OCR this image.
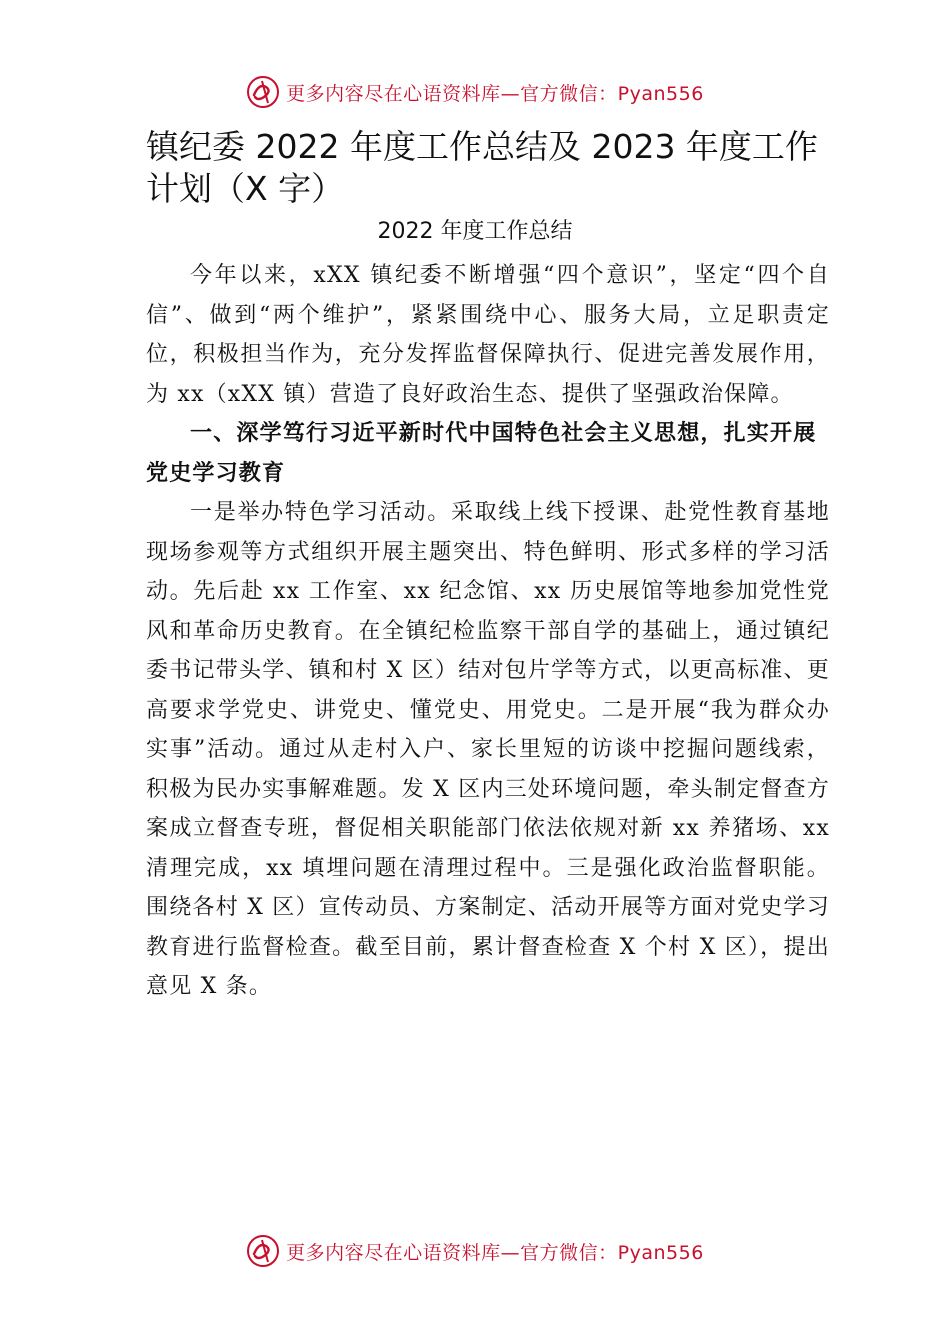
更多内容尽在心语资料库—官方微信：Pyan556
镇纪委 2022 年度工作总结及 2023 年度工作计划（X 字）
2022 年度工作总结

今年以来，xXX 镇纪委不断增强“四个意识”，坚定“四个自信”、做到“两个维护”，紧紧围绕中心、服务大局，立足职责定位，积极担当作为，充分发挥监督保障执行、促进完善发展作用，为 xx（xXX 镇）营造了良好政治生态、提供了坚强政治保障。

一、深学笃行习近平新时代中国特色社会主义思想，扎实开展党史学习教育

一是举办特色学习活动。采取线上线下授课、赴党性教育基地现场参观等方式组织开展主题突出、特色鲜明、形式多样的学习活动。先后赴 xx 工作室、xx 纪念馆、xx 历史展馆等地参加党性党风和革命历史教育。在全镇纪检监察干部自学的基础上，通过镇纪委书记带头学、镇和村 X 区）结对包片学等方式，以更高标准、更高要求学党史、讲党史、懂党史、用党史。二是开展“我为群众办实事”活动。通过从走村入户、家长里短的访谈中挖掘问题线索，积极为民办实事解难题。发 X 区内三处环境问题，牵头制定督查方案成立督查专班，督促相关职能部门依法依规对新 xx 养猪场、xx 清理完成，xx 填埋问题在清理过程中。三是强化政治监督职能。围绕各村 X 区）宣传动员、方案制定、活动开展等方面对党史学习教育进行监督检查。截至目前，累计督查检查 X 个村 X 区），提出意见 X 条。

更多内容尽在心语资料库—官方微信：Pyan556
